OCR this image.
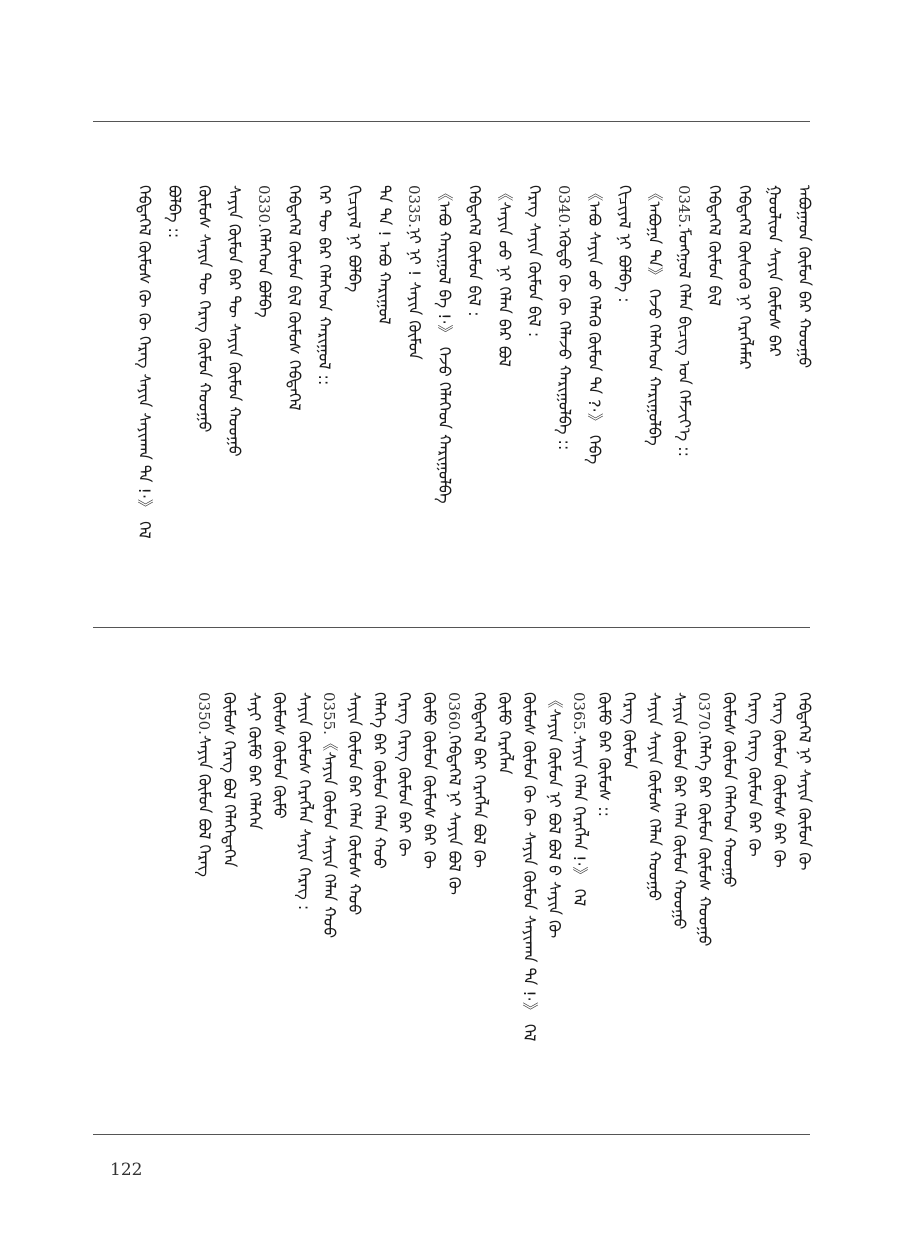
ᠠᠪᠤᠭᠠᠳ ᠬᠦᠮᠦᠨ ᠪᠡᠷ ᠬᠤᠤᠭᠤ
ᠭᠤᠤᠯᠢᠳ ᠰᠠᠶᠢᠨ ᠬᠦᠮᠦᠰ ᠪᠡᠷ
ᠬᠡᠪᠲᠡᠭᠡᠯ ᠬᠦᠰᠦᠬᠦ ᠨᠢ ᠬᠡᠷᠡᠭᠯᠡᠮᠡᠷ
ᠬᠡᠪᠲᠡᠭᠡᠯ ᠬᠦᠮᠦᠨ ᠪᠢᠯ
0345.ᠮᠣᠩᠭᠣᠯ ᠬᠡᠯᠡᠨ ᠪᠢᠴᠢᠭ ᠤᠨ ᠬᠡᠮᠵᠢᠶ᠎ᠡ ::
《ᠠᠪᠤᠭᠠ ᠲᠠ》 ᠭᠡᠵᠦ ᠬᠡᠯᠡᠭᠡᠳ ᠬᠠᠷᠢᠭᠤᠯᠪᠠ
ᠬᠢᠴᠢᠶᠡᠯ ᠨᠢ ᠪᠣᠯᠪᠠ :
《ᠠᠪᠤ ᠰᠠᠶᠢᠨ ᠤᠤ ᠬᠡᠯᠡᠬᠦ ᠬᠦᠮᠦᠨ ᠲᠠ ?·》 ᠭᠡᠪᠡ
0340.ᠡᠭᠦᠳᠦ ᠬᠦ ᠬᠦ ᠬᠡᠯᠡᠵᠦ ᠬᠠᠷᠢᠭᠤᠯᠪᠠ ::
ᠬᠡᠷᠡᠭ ᠰᠠᠶᠢᠨ ᠬᠦᠮᠦᠨ ᠪᠢᠯ :
《ᠰᠠᠶᠢᠨ ᠤᠤ ᠨᠢ ᠬᠡᠯᠡᠨ ᠪᠡᠷ ᠪᠣᠯ
ᠬᠡᠪᠲᠡᠭᠡᠯ ᠬᠦᠮᠦᠨ ᠪᠢᠯ :
《ᠠᠪᠤ ᠬᠠᠷᠢᠭᠤᠯ ᠪᠠ !·》 ᠭᠡᠵᠦ ᠬᠡᠯᠡᠭᠡᠳ ᠬᠠᠷᠢᠭᠤᠯᠪᠠ
0335.ᠨᠢ ᠨᠢ ! ᠰᠠᠶᠢᠨ ᠬᠦᠮᠦᠨ
ᠲᠠ ᠲᠠ ! ᠠᠪᠤ ᠬᠠᠷᠢᠭᠤᠯ
ᠬᠢᠴᠢᠶᠡᠯ ᠨᠢ ᠪᠣᠯᠪᠠ
ᠭᠡᠷ ᠲᠦ ᠪᠡᠷ ᠬᠡᠯᠡᠭᠡᠳ ᠬᠠᠷᠢᠭᠤᠯ ::
ᠬᠡᠪᠲᠡᠭᠡᠯ ᠬᠦᠮᠦᠨ ᠪᠢᠯ ᠬᠦᠮᠦᠰ ᠬᠡᠪᠲᠡᠭᠡᠯ
0330.ᠬᠡᠯᠡᠭᠡᠳ ᠪᠣᠯᠪᠠ
ᠰᠠᠶᠢᠨ ᠬᠦᠮᠦᠨ ᠪᠡᠷ ᠲᠦ ᠰᠠᠶᠢᠨ ᠬᠦᠮᠦᠨ ᠬᠤᠤᠭᠤ
ᠬᠦᠮᠦᠰ ᠰᠠᠶᠢᠨ ᠲᠦ ᠬᠡᠷᠡᠭ ᠬᠦᠮᠦᠨ ᠬᠤᠤᠭᠤ
ᠪᠣᠯᠪᠠ ::
ᠬᠡᠪᠲᠡᠭᠡᠯ ᠬᠦᠮᠦᠰ ᠬᠦ ᠬᠦ ᠬᠡᠷᠡᠭ ᠰᠠᠶᠢᠨ ᠰᠠᠶᠢᠬᠠᠨ ᠲᠠ !·》 ᠭᠡᠯ
ᠬᠡᠪᠲᠡᠭᠡᠯ ᠨᠢ ᠰᠠᠶᠢᠨ ᠬᠦᠮᠦᠨ ᠬᠦ
ᠬᠡᠷᠡᠭ ᠬᠦᠮᠦᠨ ᠬᠦᠮᠦᠰ ᠪᠡᠷ ᠬᠦ
ᠬᠡᠷᠡᠭ ᠬᠡᠷᠡᠭ ᠬᠦᠮᠦᠨ ᠪᠡᠷ ᠬᠦ
ᠬᠦᠮᠦᠰ ᠬᠦᠮᠦᠨ ᠬᠡᠯᠡᠭᠡᠳ ᠬᠤᠤᠭᠤ
0370.ᠬᠡᠯᠡᠭᠡ ᠪᠡᠷ ᠬᠦᠮᠦᠨ ᠬᠦᠮᠦᠰ ᠬᠤᠤᠭᠤ
ᠰᠠᠶᠢᠨ ᠬᠦᠮᠦᠨ ᠪᠡᠷ ᠬᠡᠯᠡᠨ ᠬᠦᠮᠦᠨ ᠬᠤᠤᠭᠤ
ᠰᠠᠶᠢᠨ ᠰᠠᠶᠢᠨ ᠬᠦᠮᠦᠰ ᠬᠡᠯᠡᠨ ᠬᠤᠤᠭᠤ
ᠬᠡᠷᠡᠭ ᠬᠦᠮᠦᠨ
ᠬᠦᠮᠦ ᠪᠡᠷ ᠬᠦᠮᠦᠰ ::
0365.ᠰᠠᠶᠢᠨ ᠬᠡᠯᠡᠨ ᠬᠡᠷᠡᠭᠯᠡᠨ !·》 ᠭᠡᠯ
《ᠰᠠᠶᠢᠨ ᠬᠦᠮᠦᠨ ᠨᠢ ᠪᠣᠯ ᠪᠣᠯ ᠪ ᠰᠠᠶᠢᠨ ᠬᠦ
ᠬᠦᠮᠦᠰ ᠬᠦᠮᠦᠨ ᠬᠦ ᠬᠦ ᠰᠠᠶᠢᠨ ᠬᠦᠮᠦᠨ ᠰᠠᠶᠢᠬᠠᠨ ᠲᠠ !·》 ᠭᠡᠯ
ᠬᠦᠮᠦ ᠬᠡᠷᠡᠭᠯᠡᠨ
ᠬᠡᠪᠲᠡᠭᠡᠯ ᠪᠡᠷ ᠬᠡᠷᠡᠭᠯᠡᠨ ᠪᠣᠯ ᠬᠦ
0360.ᠬᠡᠪᠲᠡᠭᠡᠯ ᠨᠢ ᠰᠠᠶᠢᠨ ᠪᠣᠯ ᠬᠦ
ᠬᠦᠮᠦ ᠬᠦᠮᠦᠨ ᠬᠦᠮᠦᠰ ᠪᠡᠷ ᠬᠦ
ᠬᠡᠷᠡᠭ ᠬᠡᠷᠡᠭ ᠬᠦᠮᠦᠨ ᠪᠡᠷ ᠬᠦ
ᠬᠡᠯᠡᠭᠡ ᠪᠡᠷ ᠬᠦᠮᠦᠨ ᠬᠡᠯᠡᠨ ᠬᠤᠤ
ᠰᠠᠶᠢᠨ ᠬᠦᠮᠦᠨ ᠪᠡᠷ ᠬᠡᠯᠡᠨ ᠬᠦᠮᠦᠰ ᠬᠤᠤ
0355.《ᠰᠠᠶᠢᠨ ᠬᠦᠮᠦᠨ ᠰᠠᠶᠢᠨ ᠬᠡᠯᠡᠨ ᠬᠤᠤ
ᠰᠠᠶᠢᠨ ᠬᠦᠮᠦᠰ ᠬᠡᠷᠡᠭᠯᠡᠨ ᠰᠠᠶᠢᠨ ᠬᠡᠷᠡᠭ :
ᠬᠦᠮᠦᠰ ᠬᠦᠮᠦᠨ ᠬᠦᠮᠦ
ᠰᠠᠶᠢ ᠬᠦᠮᠦ ᠪᠡᠷ ᠬᠡᠯᠡᠭᠡᠨ
ᠬᠦᠮᠦᠰ ᠬᠡᠷᠡᠭ ᠪᠣᠯ ᠬᠡᠯᠡᠭᠡᠳᠡᠭᠡᠨ
0350.ᠰᠠᠶᠢᠨ ᠬᠦᠮᠦᠨ ᠪᠣᠯ ᠬᠡᠷᠡᠭ
122
